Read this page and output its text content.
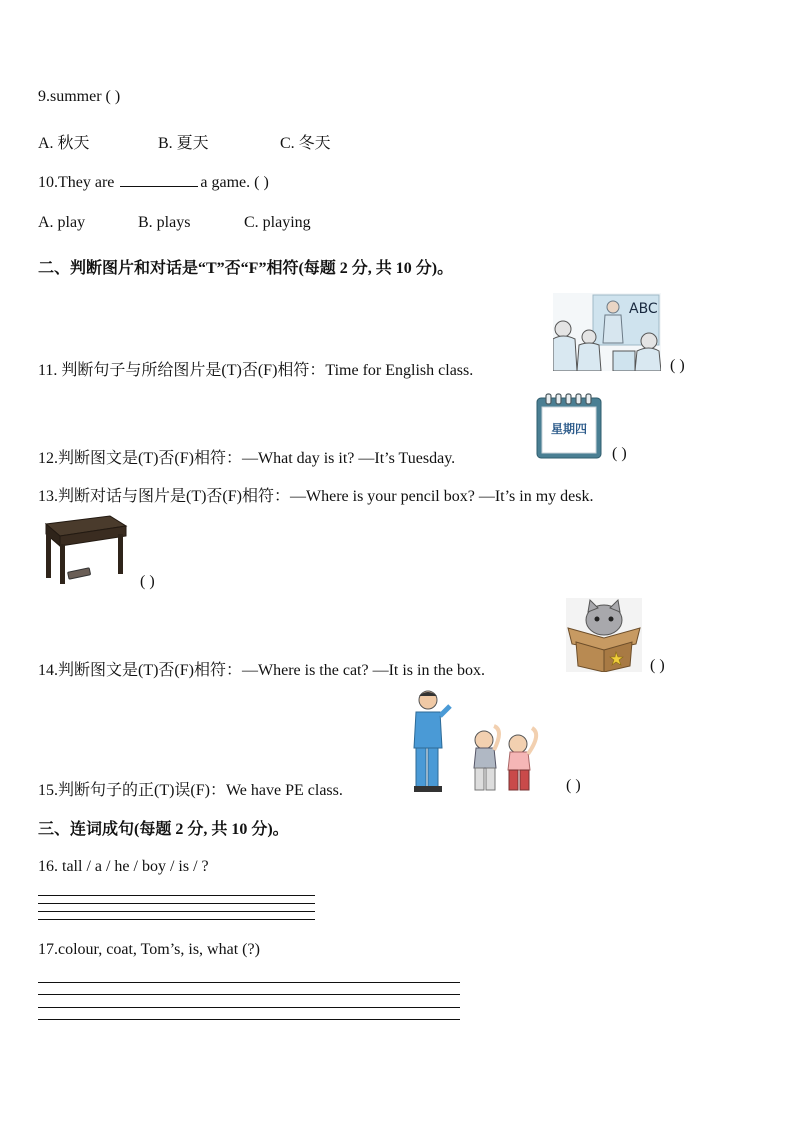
9.summer ( )
A. 秋天	B. 夏天	C. 冬天
10.They are	a game. ( )
A. play	B. plays	C. playing
二、判断图片和对话是“T”否“F”相符(每题 2 分, 共 10 分)。
ABC
11. 判断句子与所给图片是(T)否(F)相符：Time for English class.	( )
星期四
12.判断图文是(T)否(F)相符：—What day is it? —It’s Tuesday.	( )
13.判断对话与图片是(T)否(F)相符：—Where is your pencil box? —It’s in my desk.
( )
14.判断图文是(T)否(F)相符：—Where is the cat? —It is in the box.	( )
15.判断句子的正(T)误(F)：We have PE class.	( )
三、连词成句(每题 2 分, 共 10 分)。
16. tall / a / he / boy / is / ?
17.colour, coat, Tom’s, is, what (?)
